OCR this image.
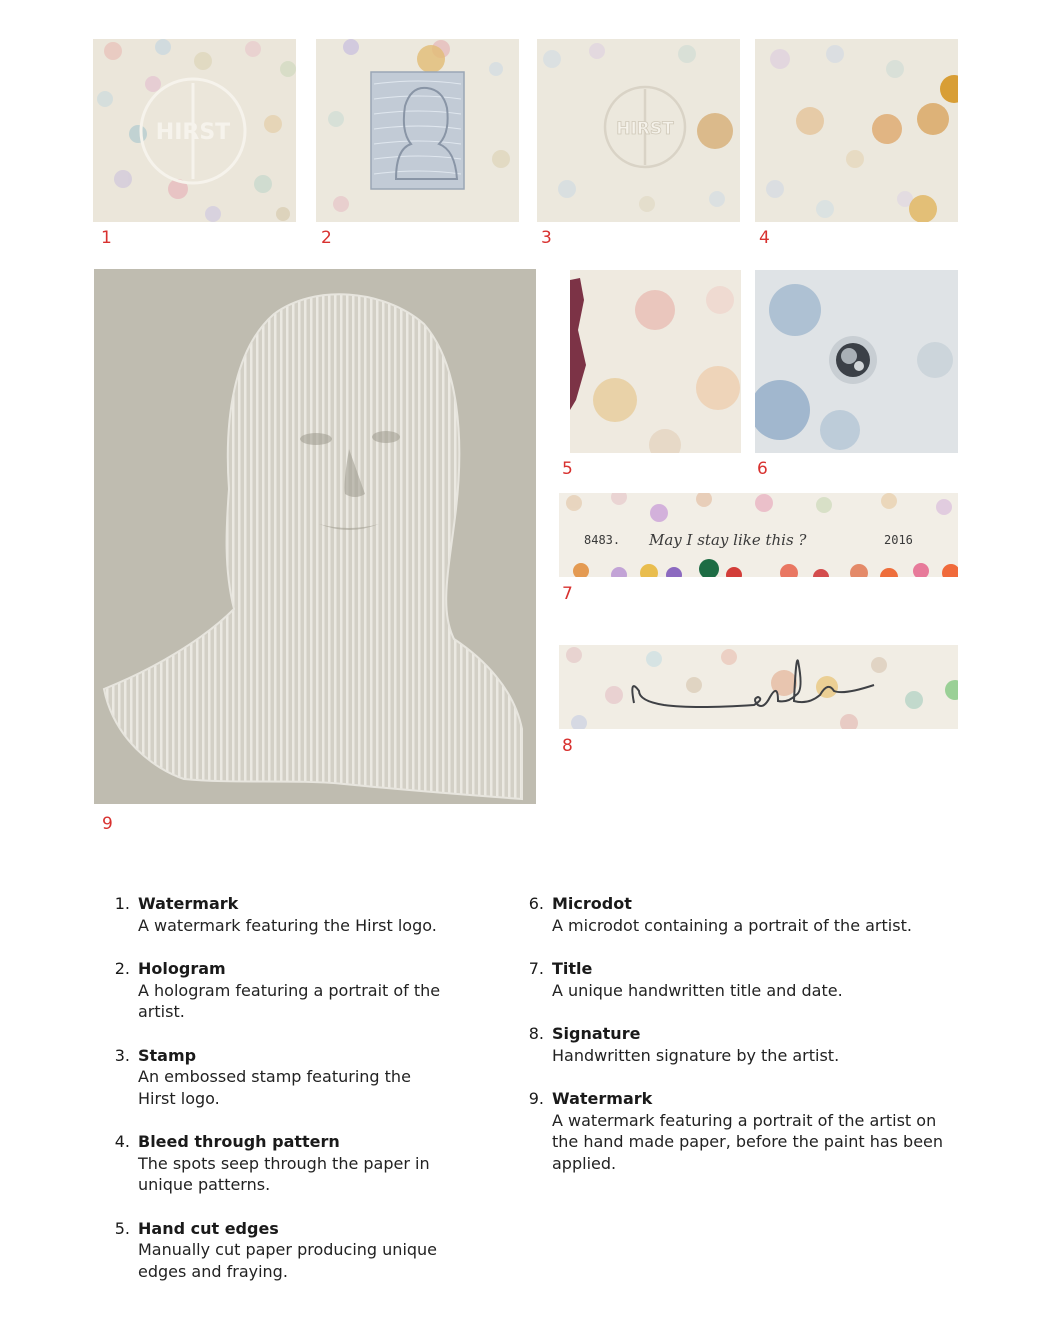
HIRST
1	2
HIRST
3	4
9
5	6
8483. May I stay like this ?	2016
7
8
1. Watermark
A watermark featuring the Hirst logo.
2. Hologram
A hologram featuring a portrait of the artist.
3. Stamp
An embossed stamp featuring the Hirst logo.
4. Bleed through pattern
The spots seep through the paper in unique patterns.
5. Hand cut edges
Manually cut paper producing unique edges and fraying.
6. Microdot
A microdot containing a portrait of the artist.
7. Title
A unique handwritten title and date.
8. Signature
Handwritten signature by the artist.
9. Watermark
A watermark featuring a portrait of the artist on the hand made paper, before the paint has been applied.
